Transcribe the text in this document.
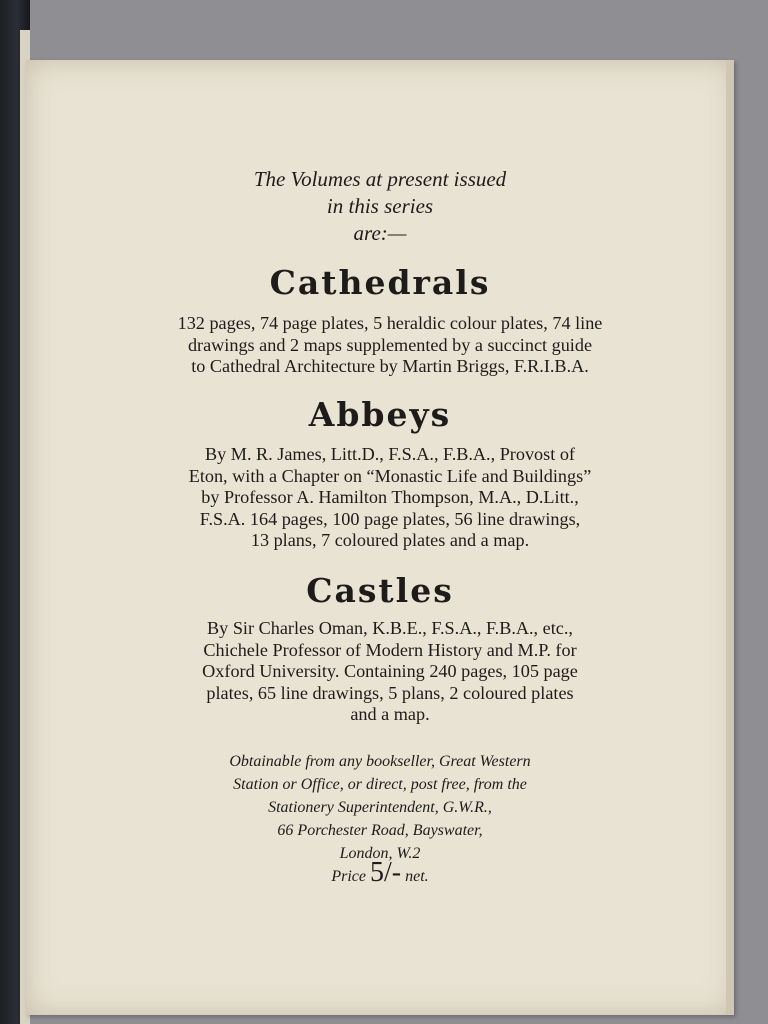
The Volumes at present issued
in this series
are:—
Cathedrals
132 pages, 74 page plates, 5 heraldic colour plates, 74 line
drawings and 2 maps supplemented by a succinct guide
to Cathedral Architecture by Martin Briggs, F.R.I.B.A.
Abbeys
By M. R. James, Litt.D., F.S.A., F.B.A., Provost of
Eton, with a Chapter on “Monastic Life and Buildings”
by Professor A. Hamilton Thompson, M.A., D.Litt.,
F.S.A. 164 pages, 100 page plates, 56 line drawings,
13 plans, 7 coloured plates and a map.
Castles
By Sir Charles Oman, K.B.E., F.S.A., F.B.A., etc.,
Chichele Professor of Modern History and M.P. for
Oxford University. Containing 240 pages, 105 page
plates, 65 line drawings, 5 plans, 2 coloured plates
and a map.
Obtainable from any bookseller, Great Western
Station or Office, or direct, post free, from the
Stationery Superintendent, G.W.R.,
66 Porchester Road, Bayswater,
London, W.2
Price 5/- net.
